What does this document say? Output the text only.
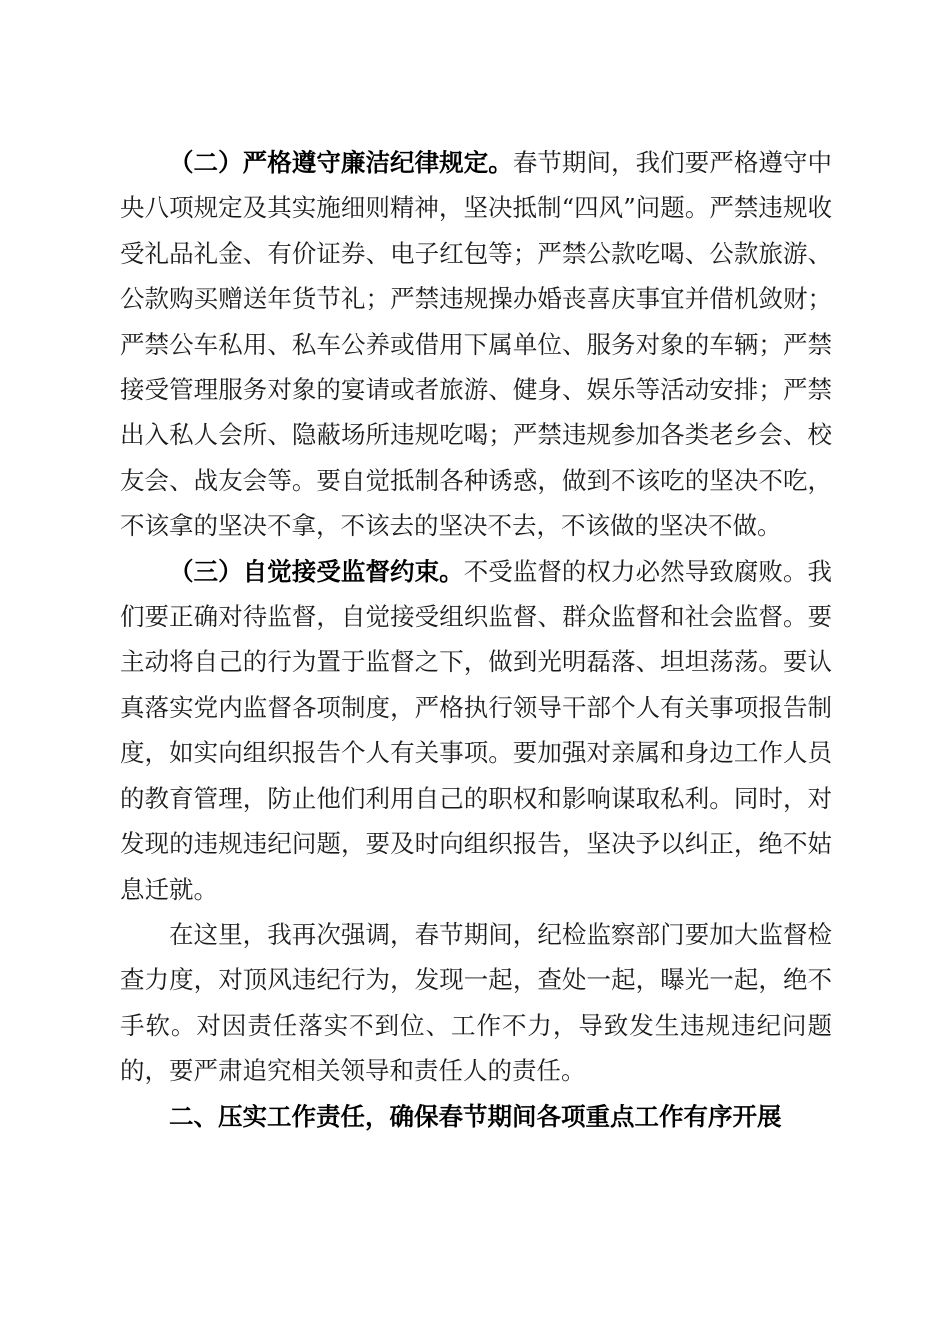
（二）严格遵守廉洁纪律规定。春节期间，我们要严格遵守中央八项规定及其实施细则精神，坚决抵制“四风”问题。严禁违规收受礼品礼金、有价证券、电子红包等；严禁公款吃喝、公款旅游、公款购买赠送年货节礼；严禁违规操办婚丧喜庆事宜并借机敛财；严禁公车私用、私车公养或借用下属单位、服务对象的车辆；严禁接受管理服务对象的宴请或者旅游、健身、娱乐等活动安排；严禁出入私人会所、隐蔽场所违规吃喝；严禁违规参加各类老乡会、校友会、战友会等。要自觉抵制各种诱惑，做到不该吃的坚决不吃，不该拿的坚决不拿，不该去的坚决不去，不该做的坚决不做。

（三）自觉接受监督约束。不受监督的权力必然导致腐败。我们要正确对待监督，自觉接受组织监督、群众监督和社会监督。要主动将自己的行为置于监督之下，做到光明磊落、坦坦荡荡。要认真落实党内监督各项制度，严格执行领导干部个人有关事项报告制度，如实向组织报告个人有关事项。要加强对亲属和身边工作人员的教育管理，防止他们利用自己的职权和影响谋取私利。同时，对发现的违规违纪问题，要及时向组织报告，坚决予以纠正，绝不姑息迁就。

在这里，我再次强调，春节期间，纪检监察部门要加大监督检查力度，对顶风违纪行为，发现一起，查处一起，曝光一起，绝不手软。对因责任落实不到位、工作不力，导致发生违规违纪问题的，要严肃追究相关领导和责任人的责任。

二、压实工作责任，确保春节期间各项重点工作有序开展
